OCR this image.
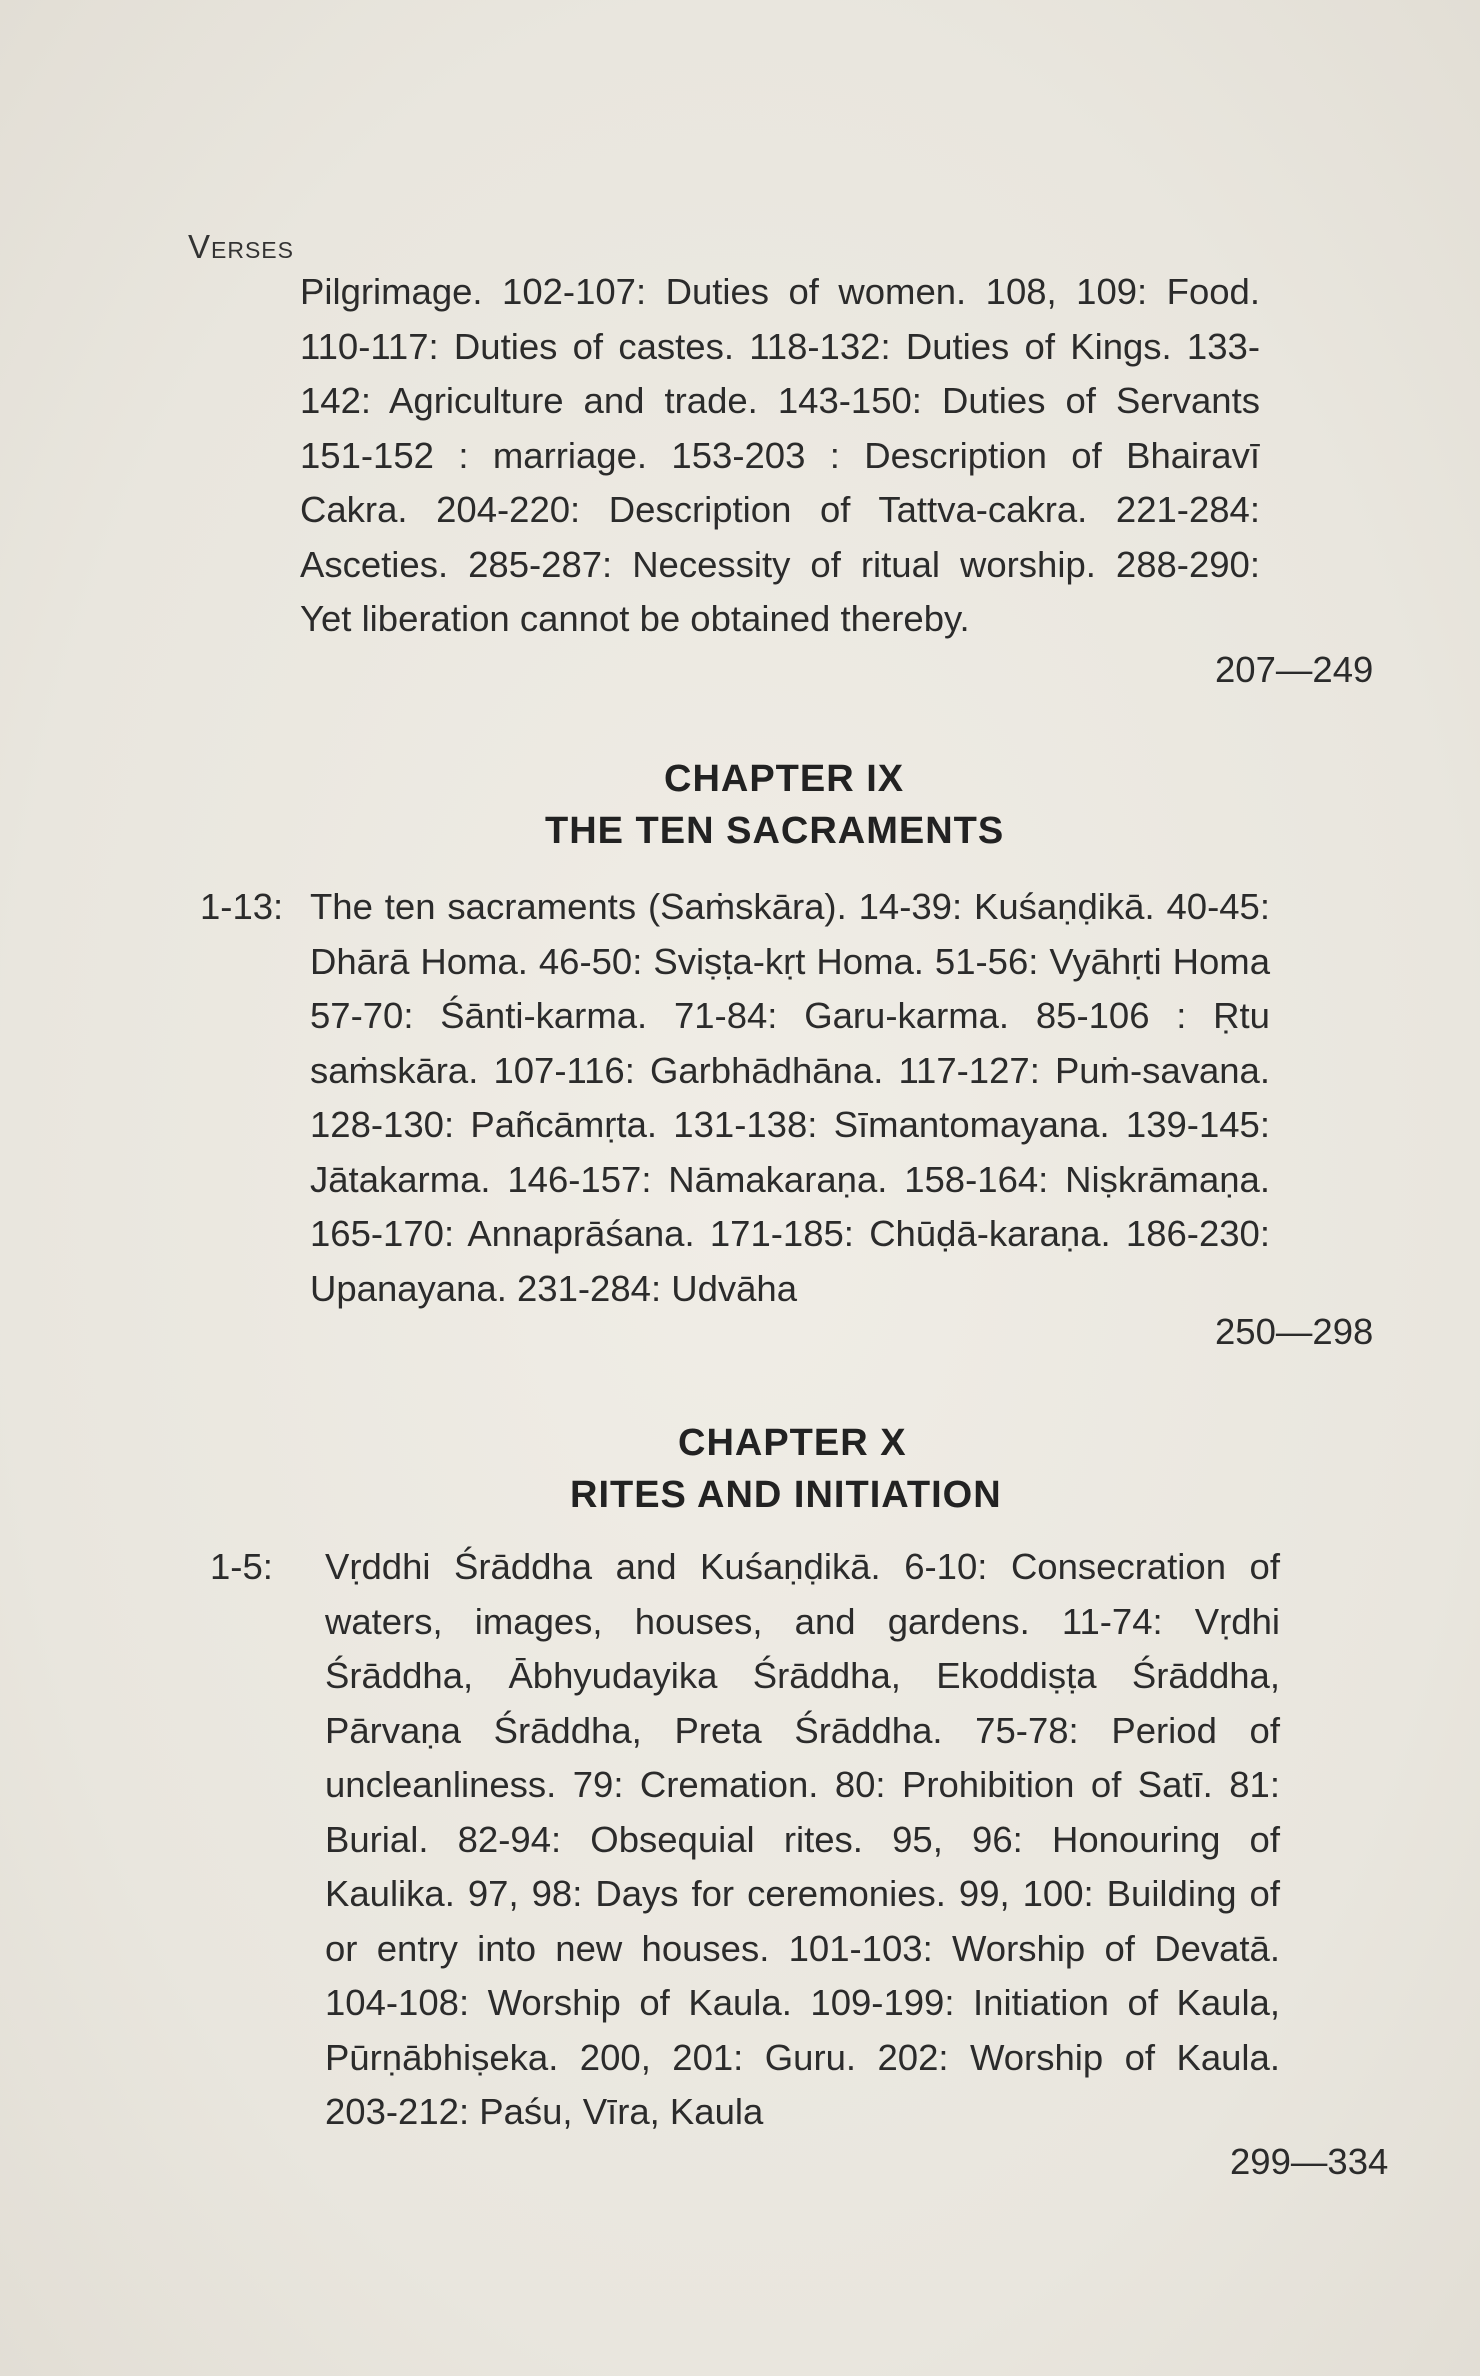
Verses
Pilgrimage. 102-107: Duties of women. 108, 109: Food. 110-117: Duties of castes. 118-132: Duties of Kings. 133-142: Agriculture and trade. 143-150: Duties of Servants 151-152 : marriage. 153-203 : Description of Bhairavī Cakra. 204-220: Description of Tattva-cakra. 221-284: Asceties. 285-287: Necessity of ritual worship. 288-290: Yet liberation cannot be obtained thereby.
207—249
CHAPTER IX
THE TEN SACRAMENTS
1-13: The ten sacraments (Saṁskāra). 14-39: Kuśaṇḍikā. 40-45: Dhārā Homa. 46-50: Sviṣṭa-kṛt Homa. 51-56: Vyāhṛti Homa 57-70: Śānti-karma. 71-84: Garu-karma. 85-106 : Ṛtu saṁskāra. 107-116: Garbhādhāna. 117-127: Puṁ-savana. 128-130: Pañcāmṛta. 131-138: Sīmantomayana. 139-145: Jātakarma. 146-157: Nāmakaraṇa. 158-164: Niṣkrāmaṇa. 165-170: Annaprāśana. 171-185: Chūḍā-karaṇa. 186-230: Upanayana. 231-284: Udvāha
250—298
CHAPTER X
RITES AND INITIATION
1-5: Vṛddhi Śrāddha and Kuśaṇḍikā. 6-10: Consecration of waters, images, houses, and gardens. 11-74: Vṛdhi Śrāddha, Ābhyudayika Śrāddha, Ekoddiṣṭa Śrāddha, Pārvaṇa Śrāddha, Preta Śrāddha. 75-78: Period of uncleanliness. 79: Cremation. 80: Prohibition of Satī. 81: Burial. 82-94: Obsequial rites. 95, 96: Honouring of Kaulika. 97, 98: Days for ceremonies. 99, 100: Building of or entry into new houses. 101-103: Worship of Devatā. 104-108: Worship of Kaula. 109-199: Initiation of Kaula, Pūrṇābhiṣeka. 200, 201: Guru. 202: Worship of Kaula. 203-212: Paśu, Vīra, Kaula
299—334
